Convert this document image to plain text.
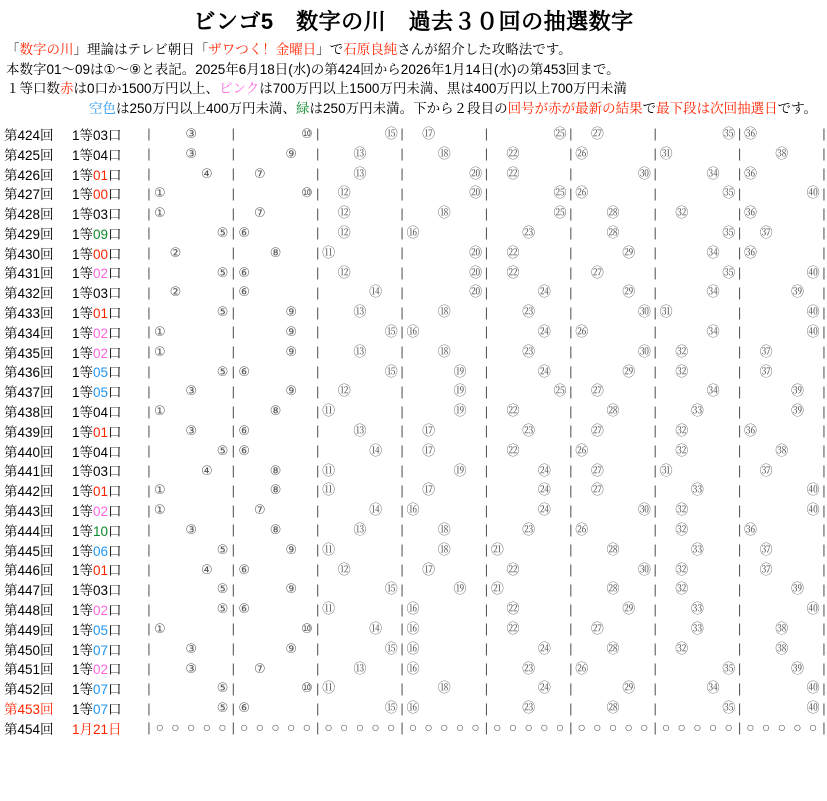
ビンゴ5　数字の川　過去３０回の抽選数字
「数字の川」理論はテレビ朝日「ザワつく！金曜日」で石原良純さんが紹介した攻略法です。
本数字01〜09は①〜⑨と表記。2025年6月18日(水)の第424回から2026年1月14日(水)の第453回まで。
１等口数赤は0口か1500万円以上、ピンクは700万円以上1500万円未満、黒は400万円以上700万円未満
空色は250万円以上400万円未満、緑は250万円未満。下から２段目の回号が赤が最新の結果で最下段は次回抽選日です。
第424回	1等03口	|	③	|	⑩ |	⑮ | ⑰	|	㉕ | ㉗	|	㉟ | ㊱	|
第425回	1等04口	|	③	|	⑨ |	⑬	|	⑱	| ㉒	| ㉖	| ㉛	|	㊳	|
第426回	1等01口	|	④ | ⑦	|	⑬	|	⑳ | ㉒	|	㉚ |	㉞ | ㊱	|
第427回	1等00口	| ①	|	⑩ | ⑫	|	⑳ |	㉕ | ㉖	|	㉟ |	㊵ |
第428回	1等03口	| ①	| ⑦	| ⑫	|	⑱	|	㉕ |	㉘	| ㉜	| ㊱	|
第429回	1等09口	|	⑤ | ⑥	| ⑫	| ⑯	|	㉓	|	㉘	|	㉟ | ㊲	|
第430回	1等00口	| ②	|	⑧	| ⑪	|	⑳ | ㉒	|	㉙ |	㉞ | ㊱	|
第431回	1等02口	|	⑤ | ⑥	| ⑫	|	⑳ | ㉒	| ㉗	|	㉟ |	㊵ |
第432回	1等03口	| ②	| ⑥	|	⑭ |	⑳ |	㉔ |	㉙ |	㉞ |	㊴ |
第433回	1等01口	|	⑤ |	⑨ |	⑬	|	⑱	|	㉓	|	㉚ | ㉛	|	㊵ |
第434回	1等02口	| ①	|	⑨ |	⑮ | ⑯	|	㉔ | ㉖	|	㉞ |	㊵ |
第435回	1等02口	| ①	|	⑨ |	⑬	|	⑱	|	㉓	|	㉚ | ㉜	| ㊲	|
第436回	1等05口	|	⑤ | ⑥	|	⑮ |	⑲ |	㉔ |	㉙ | ㉜	| ㊲	|
第437回	1等05口	|	③	|	⑨ | ⑫	|	⑲ |	㉕ | ㉗	|	㉞ |	㊴ |
第438回	1等04口	| ①	|	⑧	| ⑪	|	⑲ | ㉒	|	㉘	|	㉝	|	㊴ |
第439回	1等01口	|	③	| ⑥	|	⑬	| ⑰	|	㉓	| ㉗	| ㉜	| ㊱	|
第440回	1等04口	|	⑤ | ⑥	|	⑭ | ⑰	| ㉒	| ㉖	| ㉜	|	㊳	|
第441回	1等03口	|	④ |	⑧	| ⑪	|	⑲ |	㉔ | ㉗	| ㉛	| ㊲	|
第442回	1等01口	| ①	|	⑧	| ⑪	| ⑰	|	㉔ | ㉗	|	㉝	|	㊵ |
第443回	1等02口	| ①	| ⑦	|	⑭ | ⑯	|	㉔ |	㉚ | ㉜	|	㊵ |
第444回	1等10口	|	③	|	⑧	|	⑬	|	⑱	|	㉓	| ㉖	| ㉜	| ㊱	|
第445回	1等06口	|	⑤ |	⑨ | ⑪	|	⑱	| ㉑	|	㉘	|	㉝	| ㊲	|
第446回	1等01口	|	④ | ⑥	| ⑫	| ⑰	| ㉒	|	㉚ | ㉜	| ㊲	|
第447回	1等03口	|	⑤ |	⑨ |	⑮ |	⑲ | ㉑	|	㉘	| ㉜	|	㊴ |
第448回	1等02口	|	⑤ | ⑥	| ⑪	| ⑯	| ㉒	|	㉙ |	㉝	|	㊵ |
第449回	1等05口	| ①	|	⑩ |	⑭ | ⑯	| ㉒	| ㉗	|	㉝	|	㊳	|
第450回	1等07口	|	③	|	⑨ |	⑮ | ⑯	|	㉔ |	㉘	| ㉜	|	㊳	|
第451回	1等02口	|	③	| ⑦	|	⑬	| ⑯	|	㉓	| ㉖	|	㉟ |	㊴ |
第452回	1等07口	|	⑤ |	⑩ | ⑪	|	⑱	|	㉔ |	㉙ |	㉞ |	㊵ |
第453回	1等07口	|	⑤ | ⑥	|	⑮ | ⑯	|	㉓	|	㉘	|	㉟ |	㊵ |
第454回	1月21日	| ○ ○ ○ ○ ○ | ○ ○ ○ ○ ○ | ○ ○ ○ ○ ○ | ○ ○ ○ ○ ○ | ○ ○ ○ ○ ○ | ○ ○ ○ ○ ○ | ○ ○ ○ ○ ○ | ○ ○ ○ ○ ○ |
